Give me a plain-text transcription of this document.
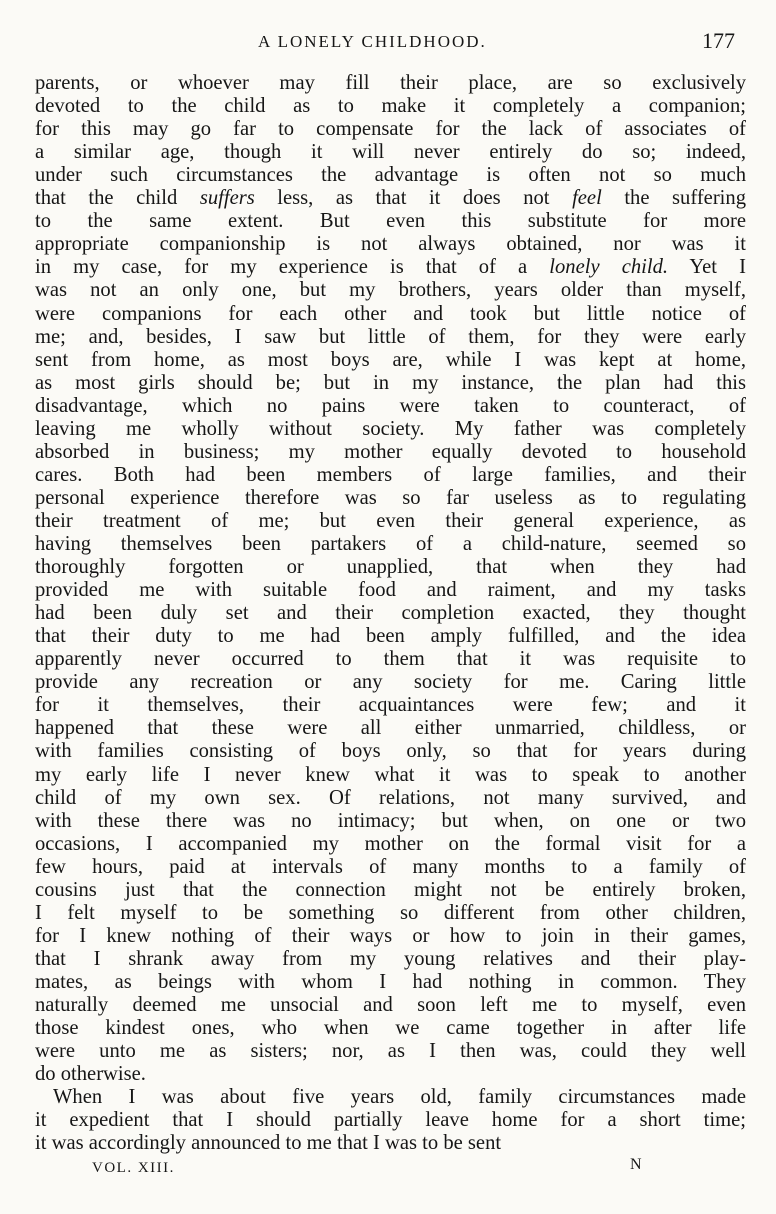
A LONELY CHILDHOOD.	177
parents, or whoever may fill their place, are so exclusively
devoted to the child as to make it completely a companion;
for this may go far to compensate for the lack of associates of
a similar age, though it will never entirely do so; indeed,
under such circumstances the advantage is often not so much
that the child suffers less, as that it does not feel the suffering
to the same extent. But even this substitute for more
appropriate companionship is not always obtained, nor was it
in my case, for my experience is that of a lonely child. Yet I
was not an only one, but my brothers, years older than myself,
were companions for each other and took but little notice of
me; and, besides, I saw but little of them, for they were early
sent from home, as most boys are, while I was kept at home,
as most girls should be; but in my instance, the plan had this
disadvantage, which no pains were taken to counteract, of
leaving me wholly without society. My father was completely
absorbed in business; my mother equally devoted to household
cares. Both had been members of large families, and their
personal experience therefore was so far useless as to regulating
their treatment of me; but even their general experience, as
having themselves been partakers of a child-nature, seemed so
thoroughly forgotten or unapplied, that when they had
provided me with suitable food and raiment, and my tasks
had been duly set and their completion exacted, they thought
that their duty to me had been amply fulfilled, and the idea
apparently never occurred to them that it was requisite to
provide any recreation or any society for me. Caring little
for it themselves, their acquaintances were few; and it
happened that these were all either unmarried, childless, or
with families consisting of boys only, so that for years during
my early life I never knew what it was to speak to another
child of my own sex. Of relations, not many survived, and
with these there was no intimacy; but when, on one or two
occasions, I accompanied my mother on the formal visit for a
few hours, paid at intervals of many months to a family of
cousins just that the connection might not be entirely broken,
I felt myself to be something so different from other children,
for I knew nothing of their ways or how to join in their games,
that I shrank away from my young relatives and their play-
mates, as beings with whom I had nothing in common. They
naturally deemed me unsocial and soon left me to myself, even
those kindest ones, who when we came together in after life
were unto me as sisters; nor, as I then was, could they well
do otherwise.
When I was about five years old, family circumstances made
it expedient that I should partially leave home for a short time;
it was accordingly announced to me that I was to be sent
VOL. XIII.	N
